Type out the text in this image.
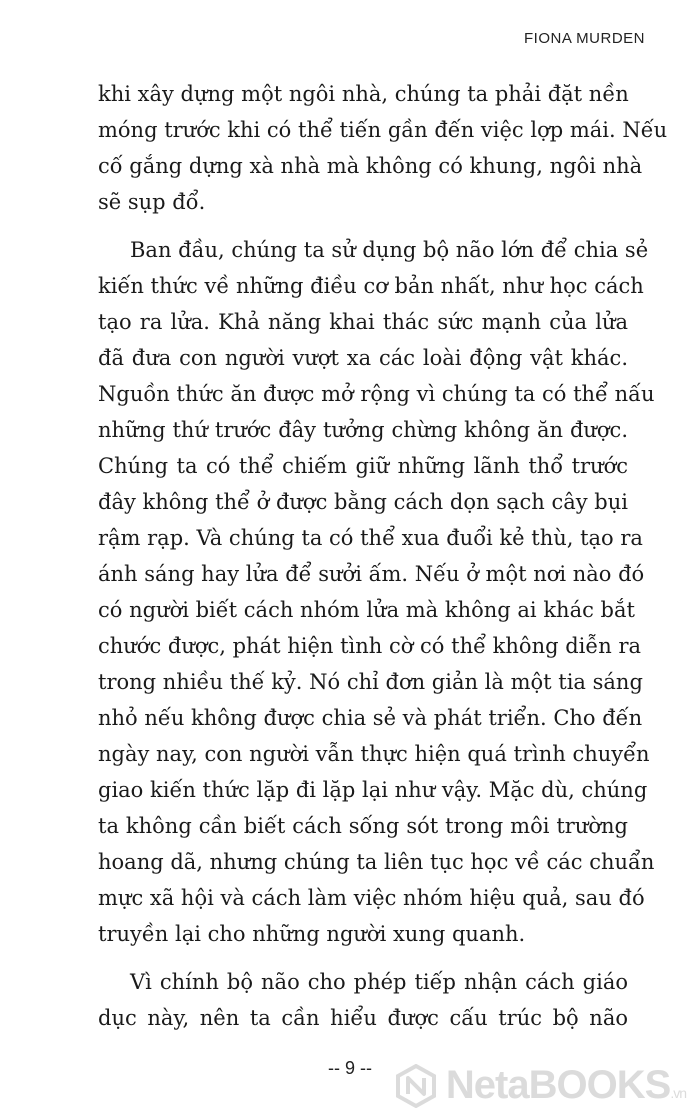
FIONA MURDEN

khi xây dựng một ngôi nhà, chúng ta phải đặt nền
móng trước khi có thể tiến gần đến việc lợp mái. Nếu
cố gắng dựng xà nhà mà không có khung, ngôi nhà
sẽ sụp đổ.

Ban đầu, chúng ta sử dụng bộ não lớn để chia sẻ
kiến thức về những điều cơ bản nhất, như học cách
tạo ra lửa. Khả năng khai thác sức mạnh của lửa
đã đưa con người vượt xa các loài động vật khác.
Nguồn thức ăn được mở rộng vì chúng ta có thể nấu
những thứ trước đây tưởng chừng không ăn được.
Chúng ta có thể chiếm giữ những lãnh thổ trước
đây không thể ở được bằng cách dọn sạch cây bụi
rậm rạp. Và chúng ta có thể xua đuổi kẻ thù, tạo ra
ánh sáng hay lửa để sưởi ấm. Nếu ở một nơi nào đó
có người biết cách nhóm lửa mà không ai khác bắt
chước được, phát hiện tình cờ có thể không diễn ra
trong nhiều thế kỷ. Nó chỉ đơn giản là một tia sáng
nhỏ nếu không được chia sẻ và phát triển. Cho đến
ngày nay, con người vẫn thực hiện quá trình chuyển
giao kiến thức lặp đi lặp lại như vậy. Mặc dù, chúng
ta không cần biết cách sống sót trong môi trường
hoang dã, nhưng chúng ta liên tục học về các chuẩn
mực xã hội và cách làm việc nhóm hiệu quả, sau đó
truyền lại cho những người xung quanh.

Vì chính bộ não cho phép tiếp nhận cách giáo
dục này, nên ta cần hiểu được cấu trúc bộ não

-- 9 --	NetaBOOKS.vn
